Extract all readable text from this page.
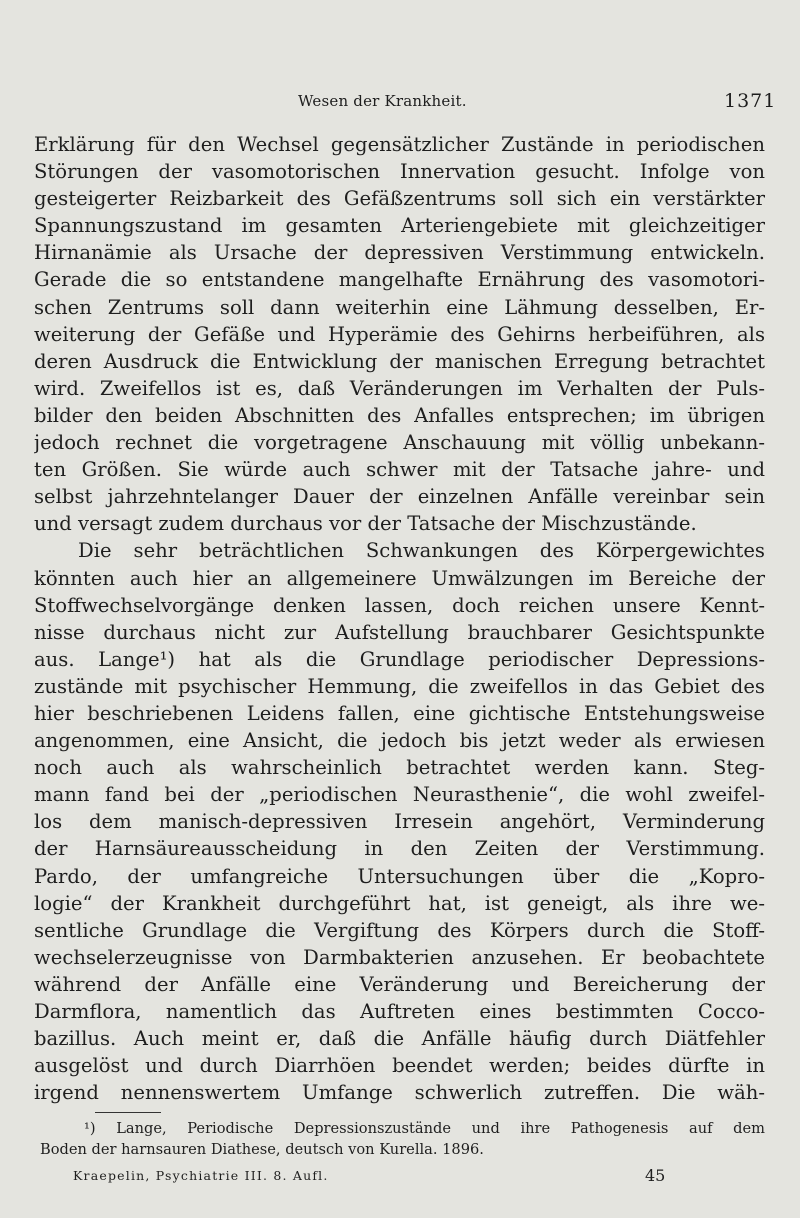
Wesen der Krankheit.	1371
Erklärung für den Wechsel gegensätzlicher Zustände in periodischen
Störungen der vasomotorischen Innervation gesucht. Infolge von
gesteigerter Reizbarkeit des Gefäßzentrums soll sich ein verstärkter
Spannungszustand im gesamten Arteriengebiete mit gleichzeitiger
Hirnanämie als Ursache der depressiven Verstimmung entwickeln.
Gerade die so entstandene mangelhafte Ernährung des vasomotori-
schen Zentrums soll dann weiterhin eine Lähmung desselben, Er-
weiterung der Gefäße und Hyperämie des Gehirns herbeiführen, als
deren Ausdruck die Entwicklung der manischen Erregung betrachtet
wird. Zweifellos ist es, daß Veränderungen im Verhalten der Puls-
bilder den beiden Abschnitten des Anfalles entsprechen; im übrigen
jedoch rechnet die vorgetragene Anschauung mit völlig unbekann-
ten Größen. Sie würde auch schwer mit der Tatsache jahre- und
selbst jahrzehntelanger Dauer der einzelnen Anfälle vereinbar sein
und versagt zudem durchaus vor der Tatsache der Mischzustände.
Die sehr beträchtlichen Schwankungen des Körpergewichtes
könnten auch hier an allgemeinere Umwälzungen im Bereiche der
Stoffwechselvorgänge denken lassen, doch reichen unsere Kennt-
nisse durchaus nicht zur Aufstellung brauchbarer Gesichtspunkte
aus. Lange¹) hat als die Grundlage periodischer Depressions-
zustände mit psychischer Hemmung, die zweifellos in das Gebiet des
hier beschriebenen Leidens fallen, eine gichtische Entstehungsweise
angenommen, eine Ansicht, die jedoch bis jetzt weder als erwiesen
noch auch als wahrscheinlich betrachtet werden kann. Steg-
mann fand bei der „periodischen Neurasthenie“, die wohl zweifel-
los dem manisch-depressiven Irresein angehört, Verminderung
der Harnsäureausscheidung in den Zeiten der Verstimmung.
Pardo, der umfangreiche Untersuchungen über die „Kopro-
logie“ der Krankheit durchgeführt hat, ist geneigt, als ihre we-
sentliche Grundlage die Vergiftung des Körpers durch die Stoff-
wechselerzeugnisse von Darmbakterien anzusehen. Er beobachtete
während der Anfälle eine Veränderung und Bereicherung der
Darmflora, namentlich das Auftreten eines bestimmten Cocco-
bazillus. Auch meint er, daß die Anfälle häufig durch Diätfehler
ausgelöst und durch Diarrhöen beendet werden; beides dürfte in
irgend nennenswertem Umfange schwerlich zutreffen. Die wäh-
¹) Lange, Periodische Depressionszustände und ihre Pathogenesis auf dem
Boden der harnsauren Diathese, deutsch von Kurella. 1896.
Kraepelin, Psychiatrie III. 8. Aufl.	45
